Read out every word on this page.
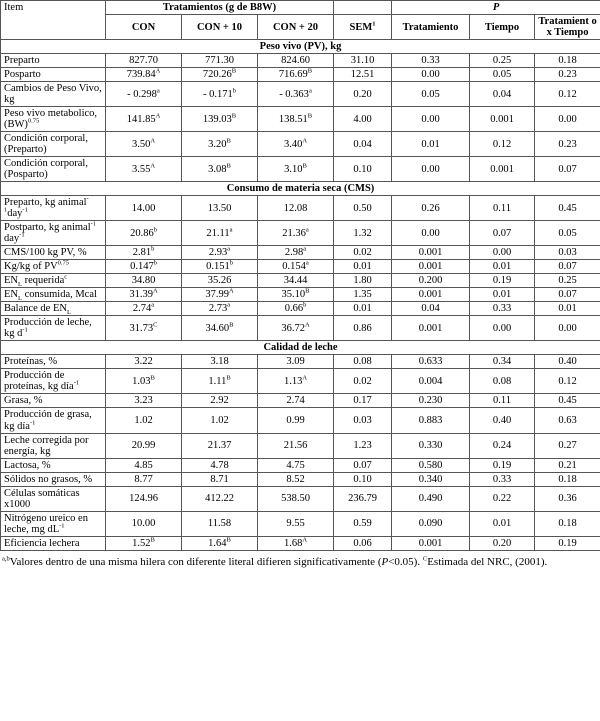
Item	Tratamientos (g de B8W)				P		
	CON	CON + 10	CON + 20	SEM$^1$	Tratamiento	Tiempo	Tratamient o x Tiempo
Peso vivo (PV), kg							
Preparto	827.70	771.30	824.60	31.10	0.33	0.25	0.18
Posparto	$739.84^A$	$720.26^B$	$716.69^B$	12.51	0.00	0.05	0.23
Cambios de Peso Vivo, kg	- 0.298$^a$	- 0.171$^b$	- 0.363$^a$	0.20	0.05	0.04	0.12
Peso vivo metabolico, (BW)$^{0.75}$	$141.85^A$	$139.03^B$	$138.51^B$	4.00	0.00	0.001	0.00
Condición corporal, (Preparto)	$3.50^A$	$3.20^B$	$3.40^A$	0.04	0.01	0.12	0.23
Condición corporal, (Posparto)	$3.55^A$	$3.08^B$	$3.10^B$	0.10	0.00	0.001	0.07
Consumo de materia seca (CMS)							
Preparto, kg animal$^{-1}$day$^{-1}$	14.00	13.50	12.08	0.50	0.26	0.11	0.45
Postparto, kg animal$^{-1}$ day$^{-1}$	20.86$^b$	21.11$^a$	21.36$^a$	1.32	0.00	0.07	0.05
CMS/100 kg PV, %	2.81$^b$	2.93$^a$	2.98$^a$	0.02	0.001	0.00	0.03
Kg/kg of $PV^{0.75}$	0.147$^b$	0.151$^b$	0.154$^a$	0.01	0.001	0.01	0.07
$EN_L$ requerida$^c$	34.80	35.26	34.44	1.80	0.200	0.19	0.25
$EN_L$ consumida, Mcal	$31.39^A$	$37.99^A$	$35.10^B$	1.35	0.001	0.01	0.07
Balance de $EN_L$	2.74$^a$	2.73$^a$	0.66$^b$	0.01	0.04	0.33	0.01
Producción de leche, kg $d^{-1}$	$31.73^C$	$34.60^B$	$36.72^A$	0.86	0.001	0.00	0.00
Calidad de leche							
Proteínas, %	3.22	3.18	3.09	0.08	0.633	0.34	0.40
Producción de proteínas, kg día$^{-1}$	$1.03^B$	$1.11^B$	$1.13^A$	0.02	0.004	0.08	0.12
Grasa, %	3.23	2.92	2.74	0.17	0.230	0.11	0.45
Producción de grasa, kg día$^{-1}$	1.02	1.02	0.99	0.03	0.883	0.40	0.63
Leche corregida por energía, kg	20.99	21.37	21.56	1.23	0.330	0.24	0.27
Lactosa, %	4.85	4.78	4.75	0.07	0.580	0.19	0.21
Sólidos no grasos, %	8.77	8.71	8.52	0.10	0.340	0.33	0.18
Células somáticas x1000	124.96	412.22	538.50	236.79	0.490	0.22	0.36
Nitrógeno ureico en leche, mg $dL^{-1}$	10.00	11.58	9.55	0.59	0.090	0.01	0.18
Eficiencia lechera	$1.52^B$	$1.64^B$	$1.68^A$	0.06	0.001	0.20	0.19
$^{a,b}$Valores dentro de una misma hilera con diferente literal difieren significativamente (P<0.05). $^C$Estimada del NRC, (2001).
